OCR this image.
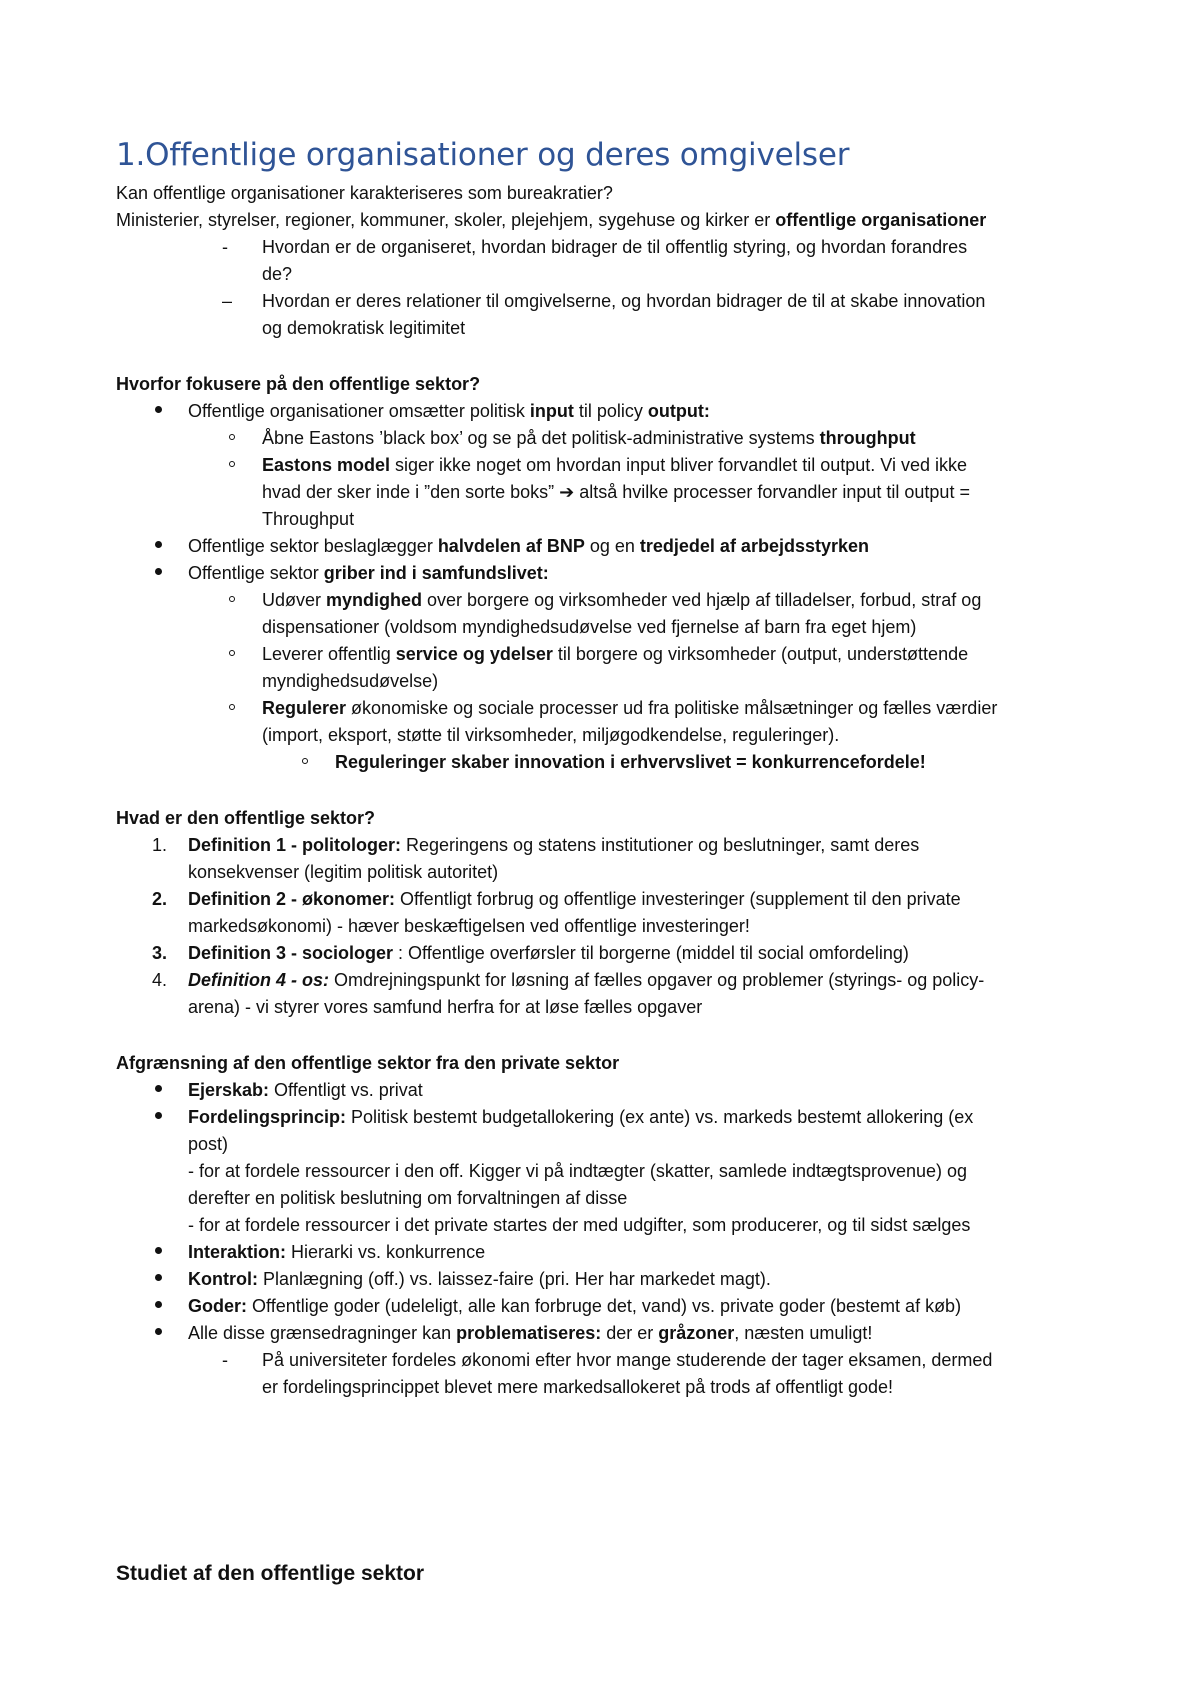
1.Offentlige organisationer og deres omgivelser

Kan offentlige organisationer karakteriseres som bureakratier?

Ministerier, styrelser, regioner, kommuner, skoler, plejehjem, sygehuse og kirker er offentlige organisationer

- Hvordan er de organiseret, hvordan bidrager de til offentlig styring, og hvordan forandres

de?

– Hvordan er deres relationer til omgivelserne, og hvordan bidrager de til at skabe innovation

og demokratisk legitimitet

Hvorfor fokusere på den offentlige sektor?

Offentlige organisationer omsætter politisk input til policy output:

Åbne Eastons ’black box’ og se på det politisk-administrative systems throughput

Eastons model siger ikke noget om hvordan input bliver forvandlet til output. Vi ved ikke

hvad der sker inde i ”den sorte boks” ➔ altså hvilke processer forvandler input til output =

Throughput

Offentlige sektor beslaglægger halvdelen af BNP og en tredjedel af arbejdsstyrken

Offentlige sektor griber ind i samfundslivet:

Udøver myndighed over borgere og virksomheder ved hjælp af tilladelser, forbud, straf og

dispensationer (voldsom myndighedsudøvelse ved fjernelse af barn fra eget hjem)

Leverer offentlig service og ydelser til borgere og virksomheder (output, understøttende

myndighedsudøvelse)

Regulerer økonomiske og sociale processer ud fra politiske målsætninger og fælles værdier

(import, eksport, støtte til virksomheder, miljøgodkendelse, reguleringer).

Reguleringer skaber innovation i erhvervslivet = konkurrencefordele!

Hvad er den offentlige sektor?

1. Definition 1 - politologer: Regeringens og statens institutioner og beslutninger, samt deres

konsekvenser (legitim politisk autoritet)

2. Definition 2 - økonomer: Offentligt forbrug og offentlige investeringer (supplement til den private

markedsøkonomi) - hæver beskæftigelsen ved offentlige investeringer!

3. Definition 3 - sociologer : Offentlige overførsler til borgerne (middel til social omfordeling)

4. Definition 4 - os: Omdrejningspunkt for løsning af fælles opgaver og problemer (styrings- og policy-

arena) - vi styrer vores samfund herfra for at løse fælles opgaver

Afgrænsning af den offentlige sektor fra den private sektor

Ejerskab: Offentligt vs. privat

Fordelingsprincip: Politisk bestemt budgetallokering (ex ante) vs. markeds bestemt allokering (ex

post)

- for at fordele ressourcer i den off. Kigger vi på indtægter (skatter, samlede indtægtsprovenue) og

derefter en politisk beslutning om forvaltningen af disse

- for at fordele ressourcer i det private startes der med udgifter, som producerer, og til sidst sælges

Interaktion: Hierarki vs. konkurrence

Kontrol: Planlægning (off.) vs. laissez-faire (pri. Her har markedet magt).

Goder: Offentlige goder (udeleligt, alle kan forbruge det, vand) vs. private goder (bestemt af køb)

Alle disse grænsedragninger kan problematiseres: der er gråzoner, næsten umuligt!

- På universiteter fordeles økonomi efter hvor mange studerende der tager eksamen, dermed

er fordelingsprincippet blevet mere markedsallokeret på trods af offentligt gode!

Studiet af den offentlige sektor
